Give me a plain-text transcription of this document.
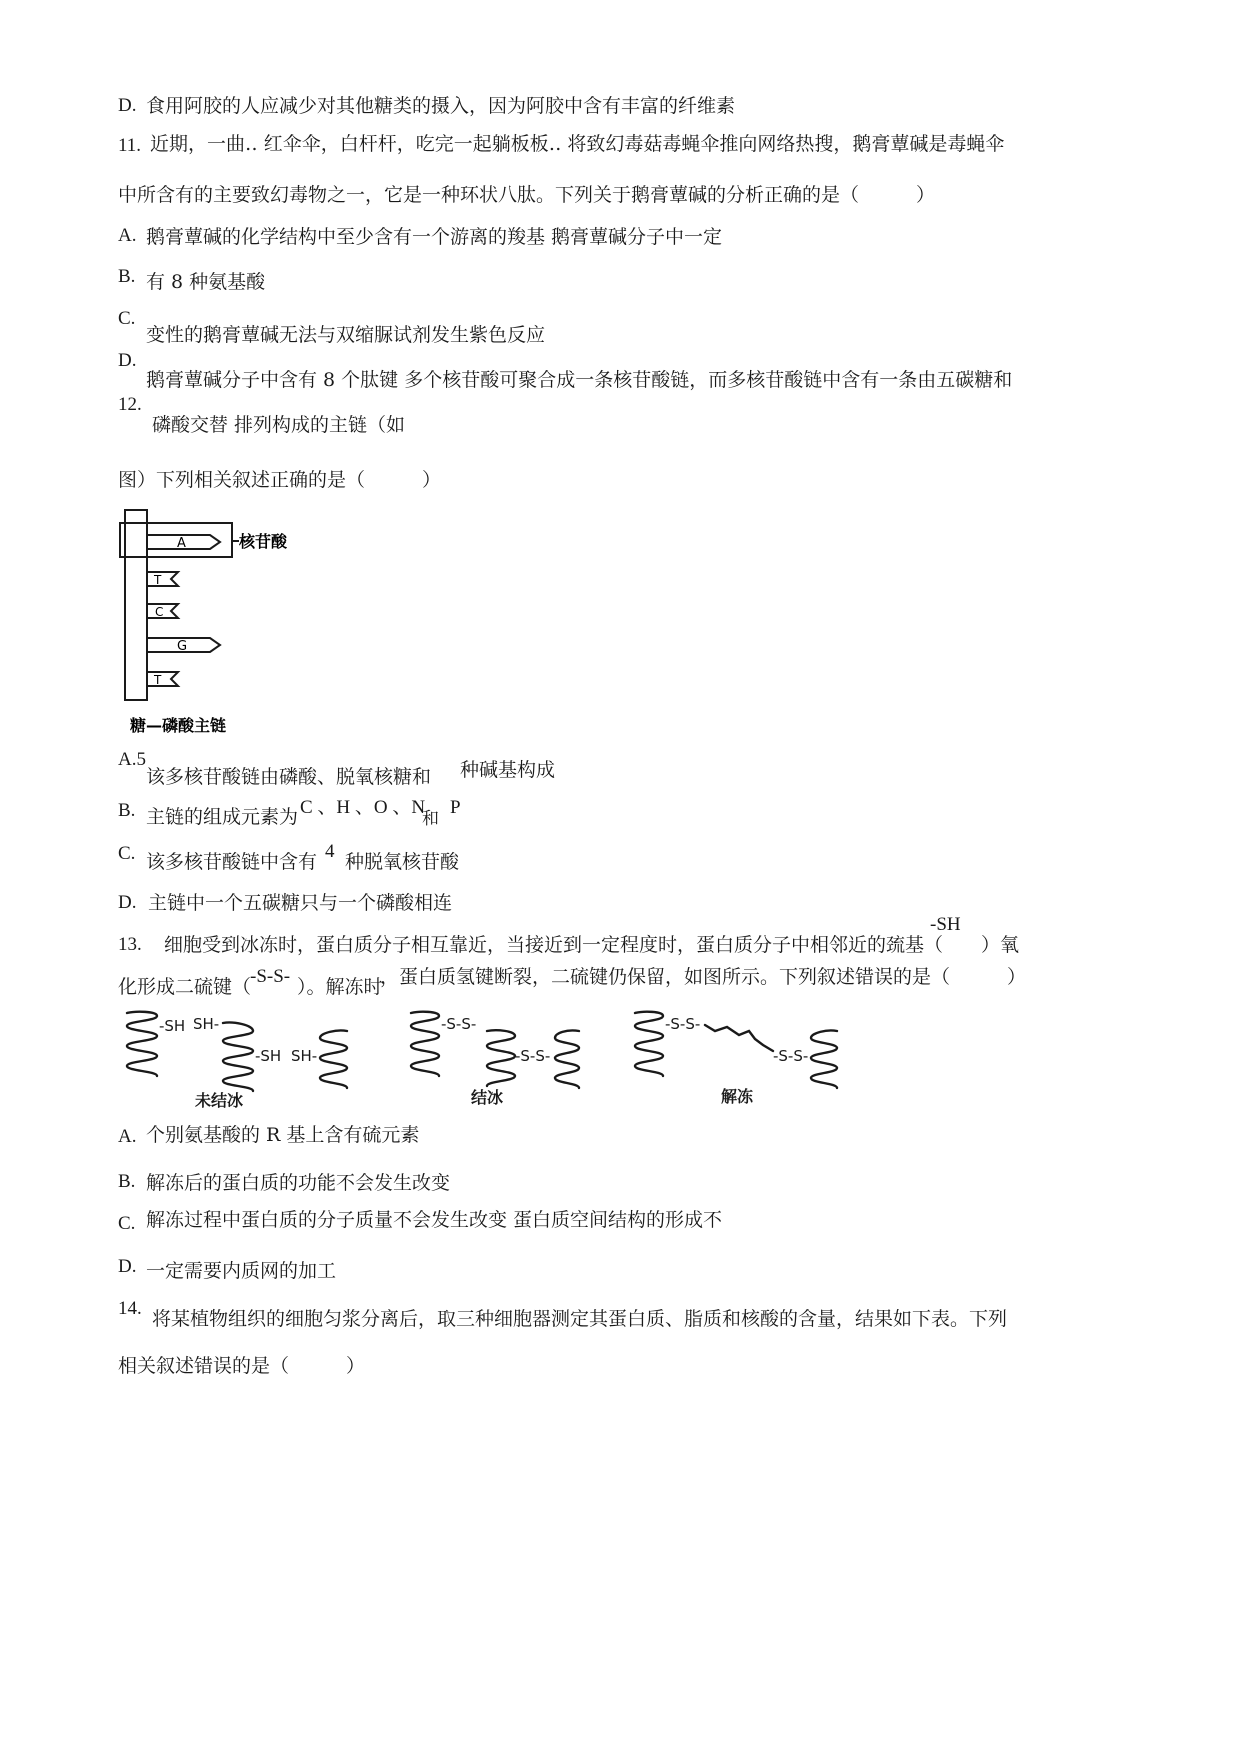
D. 食用阿胶的人应减少对其他糖类的摄入，因为阿胶中含有丰富的纤维素
11. 近期，一曲‥ 红伞伞，白杆杆，吃完一起躺板板‥ 将致幻毒菇毒蝇伞推向网络热搜，鹅膏蕈碱是毒蝇伞
中所含有的主要致幻毒物之一，它是一种环状八肽。下列关于鹅膏蕈碱的分析正确的是（　　　）
A. 鹅膏蕈碱的化学结构中至少含有一个游离的羧基 鹅膏蕈碱分子中一定
B. 有 8 种氨基酸
C.
变性的鹅膏蕈碱无法与双缩脲试剂发生紫色反应
D.
鹅膏蕈碱分子中含有 8 个肽键 多个核苷酸可聚合成一条核苷酸链，而多核苷酸链中含有一条由五碳糖和
12.
磷酸交替 排列构成的主链（如
图）下列相关叙述正确的是（　　　）
A
T
C
G
T
核苷酸
糖—磷酸主链
A.5
该多核苷酸链由磷酸、脱氧核糖和 种碱基构成
B. 主链的组成元素为 C 、H 、O 、N
和
P
C. 该多核苷酸链中含有 4 种脱氧核苷酸
D. 主链中一个五碳糖只与一个磷酸相连
-SH
13. 细胞受到冰冻时，蛋白质分子相互靠近，当接近到一定程度时，蛋白质分子中相邻近的巯基（　　）氧
化形成二硫键（
-S-S- ）。解冻时
，蛋白质氢键断裂，二硫键仍保留，如图所示。下列叙述错误的是（　　　）
-SH SH-
-SH SH-
-S-S-
-S-S-
-S-S-
-S-S-
未结冰	结冰	解冻
A. 个别氨基酸的 R 基上含有硫元素
B. 解冻后的蛋白质的功能不会发生改变
C. 解冻过程中蛋白质的分子质量不会发生改变 蛋白质空间结构的形成不
D. 一定需要内质网的加工
14. 将某植物组织的细胞匀浆分离后，取三种细胞器测定其蛋白质、脂质和核酸的含量，结果如下表。下列
相关叙述错误的是（　　　）
